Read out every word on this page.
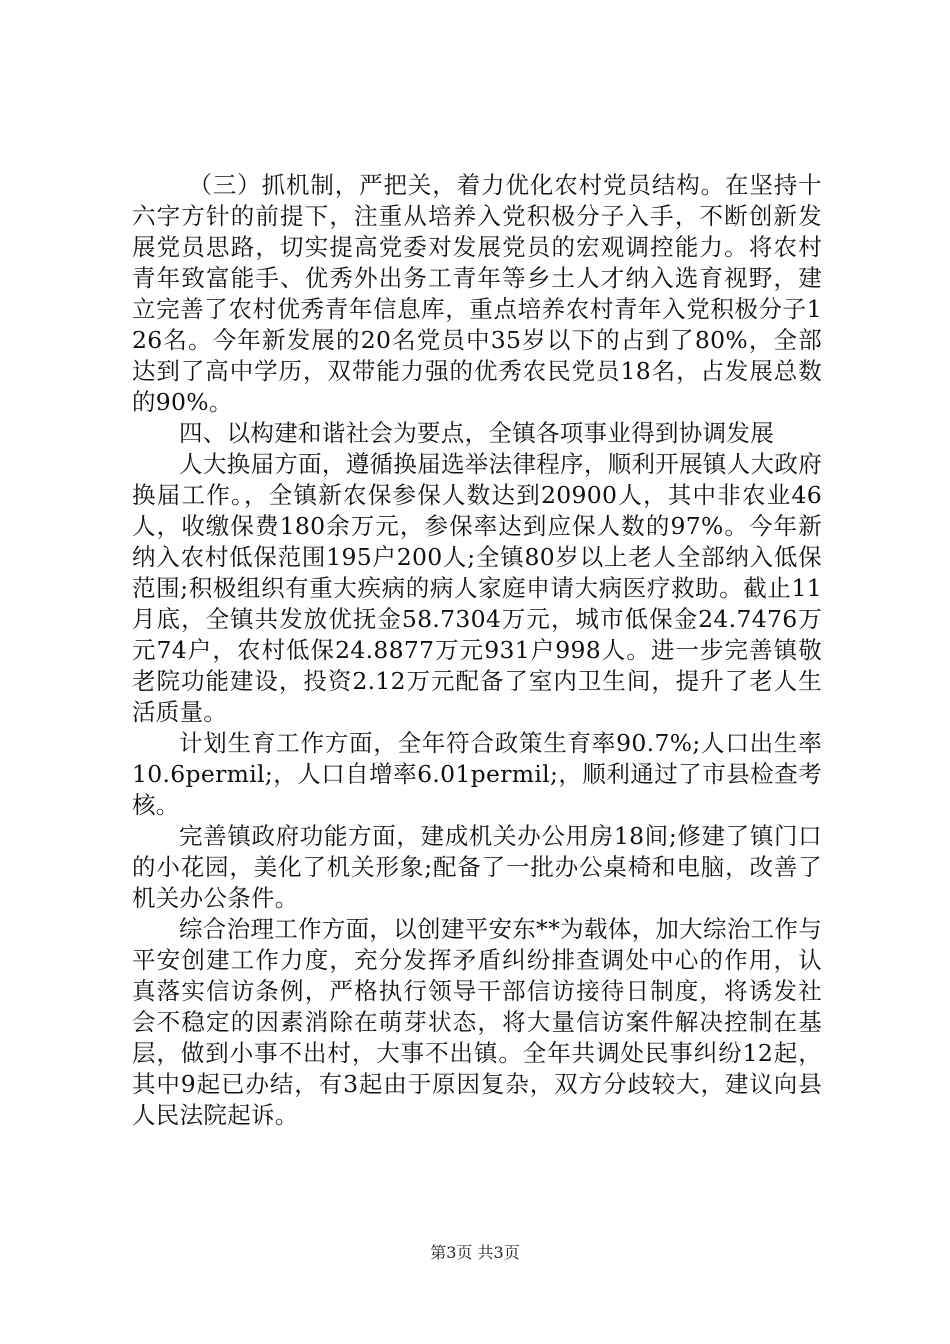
（三）抓机制，严把关，着力优化农村党员结构。在坚持十六字方针的前提下，注重从培养入党积极分子入手，不断创新发展党员思路，切实提高党委对发展党员的宏观调控能力。将农村青年致富能手、优秀外出务工青年等乡土人才纳入选育视野，建立完善了农村优秀青年信息库，重点培养农村青年入党积极分子126名。今年新发展的20名党员中35岁以下的占到了80%，全部达到了高中学历，双带能力强的优秀农民党员18名，占发展总数的90%。

四、以构建和谐社会为要点，全镇各项事业得到协调发展

人大换届方面，遵循换届选举法律程序，顺利开展镇人大政府换届工作。，全镇新农保参保人数达到20900人，其中非农业46人，收缴保费180余万元，参保率达到应保人数的97%。今年新纳入农村低保范围195户200人;全镇80岁以上老人全部纳入低保范围;积极组织有重大疾病的病人家庭申请大病医疗救助。截止11月底，全镇共发放优抚金58.7304万元，城市低保金24.7476万元74户，农村低保24.8877万元931户998人。进一步完善镇敬老院功能建设，投资2.12万元配备了室内卫生间，提升了老人生活质量。

计划生育工作方面，全年符合政策生育率90.7%;人口出生率10.6permil;，人口自增率6.01permil;，顺利通过了市县检查考核。

完善镇政府功能方面，建成机关办公用房18间;修建了镇门口的小花园，美化了机关形象;配备了一批办公桌椅和电脑，改善了机关办公条件。

综合治理工作方面，以创建平安东**为载体，加大综治工作与平安创建工作力度，充分发挥矛盾纠纷排查调处中心的作用，认真落实信访条例，严格执行领导干部信访接待日制度，将诱发社会不稳定的因素消除在萌芽状态，将大量信访案件解决控制在基层，做到小事不出村，大事不出镇。全年共调处民事纠纷12起，其中9起已办结，有3起由于原因复杂，双方分歧较大，建议向县人民法院起诉。

第3页 共3页
